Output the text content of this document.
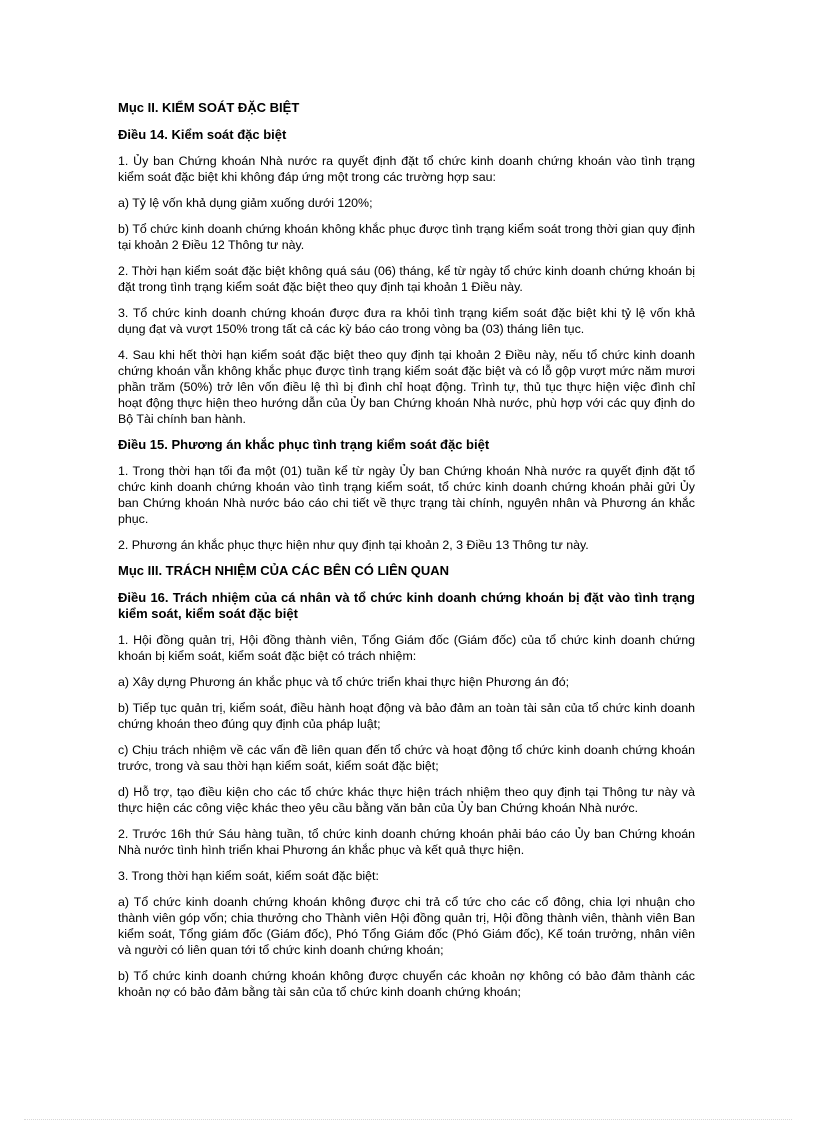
Mục II. KIỂM SOÁT ĐẶC BIỆT
Điều 14. Kiểm soát đặc biệt

1. Ủy ban Chứng khoán Nhà nước ra quyết định đặt tổ chức kinh doanh chứng khoán vào tình trạng kiểm soát đặc biệt khi không đáp ứng một trong các trường hợp sau:

a) Tỷ lệ vốn khả dụng giảm xuống dưới 120%;

b) Tổ chức kinh doanh chứng khoán không khắc phục được tình trạng kiểm soát trong thời gian quy định tại khoản 2 Điều 12 Thông tư này.

2. Thời hạn kiểm soát đặc biệt không quá sáu (06) tháng, kể từ ngày tổ chức kinh doanh chứng khoán bị đặt trong tình trạng kiểm soát đặc biệt theo quy định tại khoản 1 Điều này.

3. Tổ chức kinh doanh chứng khoán được đưa ra khỏi tình trạng kiểm soát đặc biệt khi tỷ lệ vốn khả dụng đạt và vượt 150% trong tất cả các kỳ báo cáo trong vòng ba (03) tháng liên tục.

4. Sau khi hết thời hạn kiểm soát đặc biệt theo quy định tại khoản 2 Điều này, nếu tổ chức kinh doanh chứng khoán vẫn không khắc phục được tình trạng kiểm soát đặc biệt và có lỗ gộp vượt mức năm mươi phần trăm (50%) trở lên vốn điều lệ thì bị đình chỉ hoạt động. Trình tự, thủ tục thực hiện việc đình chỉ hoạt động thực hiện theo hướng dẫn của Ủy ban Chứng khoán Nhà nước, phù hợp với các quy định do Bộ Tài chính ban hành.

Điều 15. Phương án khắc phục tình trạng kiểm soát đặc biệt

1. Trong thời hạn tối đa một (01) tuần kể từ ngày Ủy ban Chứng khoán Nhà nước ra quyết định đặt tổ chức kinh doanh chứng khoán vào tình trạng kiểm soát, tổ chức kinh doanh chứng khoán phải gửi Ủy ban Chứng khoán Nhà nước báo cáo chi tiết về thực trạng tài chính, nguyên nhân và Phương án khắc phục.

2. Phương án khắc phục thực hiện như quy định tại khoản 2, 3 Điều 13 Thông tư này.

Mục III. TRÁCH NHIỆM CỦA CÁC BÊN CÓ LIÊN QUAN
Điều 16. Trách nhiệm của cá nhân và tổ chức kinh doanh chứng khoán bị đặt vào tình trạng kiểm soát, kiểm soát đặc biệt

1. Hội đồng quản trị, Hội đồng thành viên, Tổng Giám đốc (Giám đốc) của tổ chức kinh doanh chứng khoán bị kiểm soát, kiểm soát đặc biệt có trách nhiệm:

a) Xây dựng Phương án khắc phục và tổ chức triển khai thực hiện Phương án đó;

b) Tiếp tục quản trị, kiểm soát, điều hành hoạt động và bảo đảm an toàn tài sản của tổ chức kinh doanh chứng khoán theo đúng quy định của pháp luật;

c) Chịu trách nhiệm về các vấn đề liên quan đến tổ chức và hoạt động tổ chức kinh doanh chứng khoán trước, trong và sau thời hạn kiểm soát, kiểm soát đặc biệt;

d) Hỗ trợ, tạo điều kiện cho các tổ chức khác thực hiện trách nhiệm theo quy định tại Thông tư này và thực hiện các công việc khác theo yêu cầu bằng văn bản của Ủy ban Chứng khoán Nhà nước.

2. Trước 16h thứ Sáu hàng tuần, tổ chức kinh doanh chứng khoán phải báo cáo Ủy ban Chứng khoán Nhà nước tình hình triển khai Phương án khắc phục và kết quả thực hiện.

3. Trong thời hạn kiểm soát, kiểm soát đặc biệt:

a) Tổ chức kinh doanh chứng khoán không được chi trả cổ tức cho các cổ đông, chia lợi nhuận cho thành viên góp vốn; chia thưởng cho Thành viên Hội đồng quản trị, Hội đồng thành viên, thành viên Ban kiểm soát, Tổng giám đốc (Giám đốc), Phó Tổng Giám đốc (Phó Giám đốc), Kế toán trưởng, nhân viên và người có liên quan tới tổ chức kinh doanh chứng khoán;

b) Tổ chức kinh doanh chứng khoán không được chuyển các khoản nợ không có bảo đảm thành các khoản nợ có bảo đảm bằng tài sản của tổ chức kinh doanh chứng khoán;
